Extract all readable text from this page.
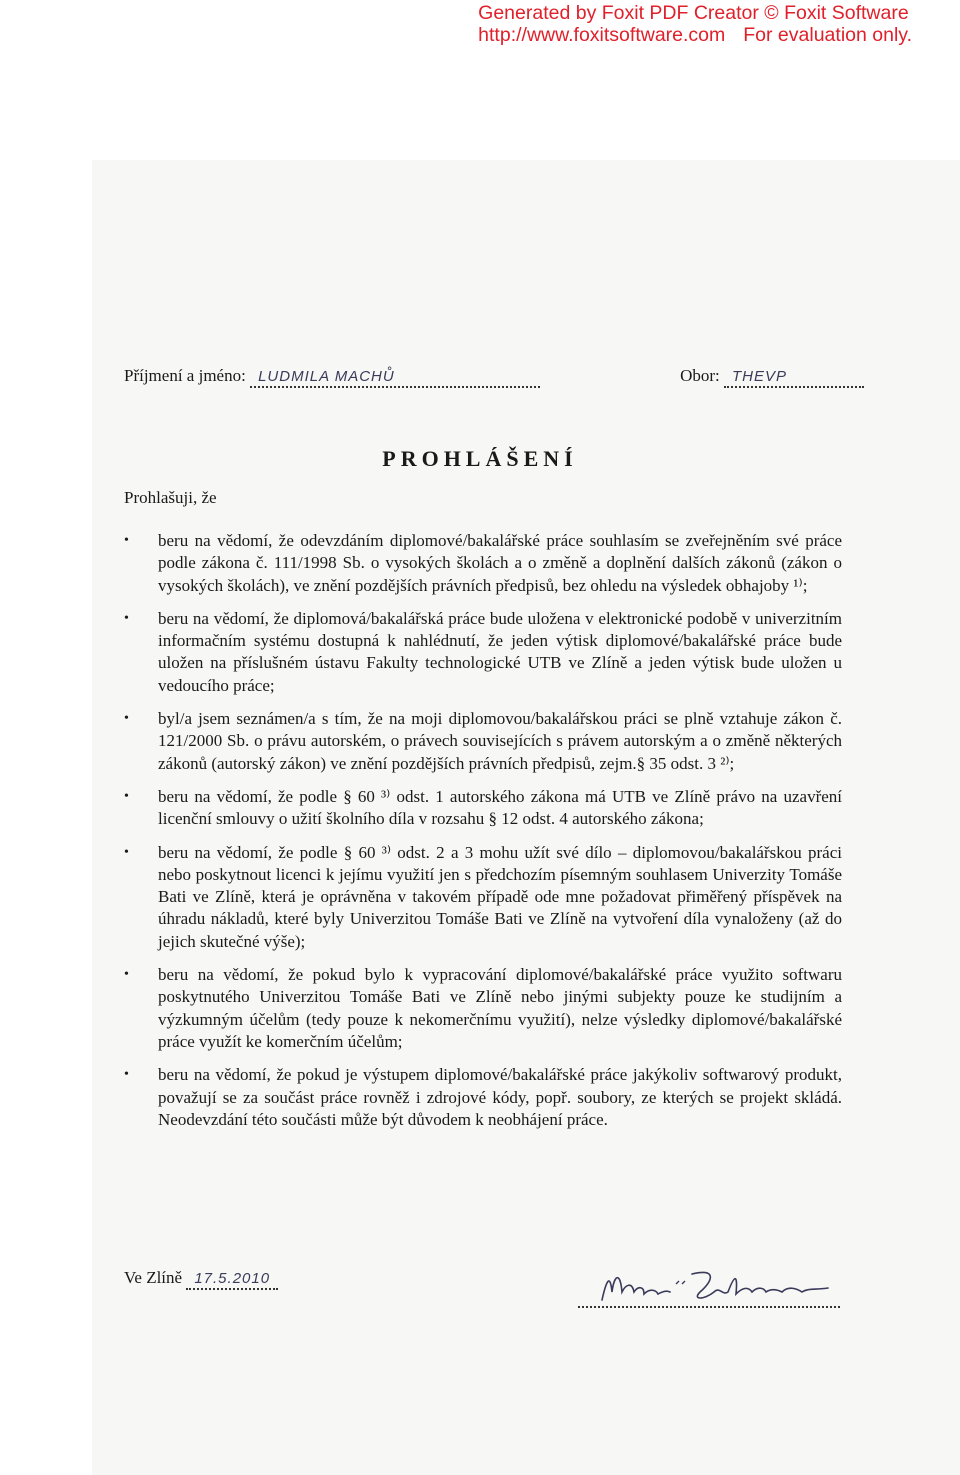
Generated by Foxit PDF Creator © Foxit Software
http://www.foxitsoftware.com For evaluation only.
Příjmení a jméno: LUDMILA MACHŮ
	Obor: THEVP

PROHLÁŠENÍ
Prohlašuji, že
• beru na vědomí, že odevzdáním diplomové/bakalářské práce souhlasím se zveřejněním své práce podle zákona č. 111/1998 Sb. o vysokých školách a o změně a doplnění dalších zákonů (zákon o vysokých školách), ve znění pozdějších právních předpisů, bez ohledu na výsledek obhajoby ¹⁾;
• beru na vědomí, že diplomová/bakalářská práce bude uložena v elektronické podobě v univerzitním informačním systému dostupná k nahlédnutí, že jeden výtisk diplomové/bakalářské práce bude uložen na příslušném ústavu Fakulty technologické UTB ve Zlíně a jeden výtisk bude uložen u vedoucího práce;
• byl/a jsem seznámen/a s tím, že na moji diplomovou/bakalářskou práci se plně vztahuje zákon č. 121/2000 Sb. o právu autorském, o právech souvisejících s právem autorským a o změně některých zákonů (autorský zákon) ve znění pozdějších právních předpisů, zejm.§ 35 odst. 3 ²⁾;
• beru na vědomí, že podle § 60 ³⁾ odst. 1 autorského zákona má UTB ve Zlíně právo na uzavření licenční smlouvy o užití školního díla v rozsahu § 12 odst. 4 autorského zákona;
• beru na vědomí, že podle § 60 ³⁾ odst. 2 a 3 mohu užít své dílo – diplomovou/bakalářskou práci nebo poskytnout licenci k jejímu využití jen s předchozím písemným souhlasem Univerzity Tomáše Bati ve Zlíně, která je oprávněna v takovém případě ode mne požadovat přiměřený příspěvek na úhradu nákladů, které byly Univerzitou Tomáše Bati ve Zlíně na vytvoření díla vynaloženy (až do jejich skutečné výše);
• beru na vědomí, že pokud bylo k vypracování diplomové/bakalářské práce využito softwaru poskytnutého Univerzitou Tomáše Bati ve Zlíně nebo jinými subjekty pouze ke studijním a výzkumným účelům (tedy pouze k nekomerčnímu využití), nelze výsledky diplomové/bakalářské práce využít ke komerčním účelům;
• beru na vědomí, že pokud je výstupem diplomové/bakalářské práce jakýkoliv softwarový produkt, považují se za součást práce rovněž i zdrojové kódy, popř. soubory, ze kterých se projekt skládá. Neodevzdání této součásti může být důvodem k neobhájení práce.
Ve Zlíně 17.5.2010
